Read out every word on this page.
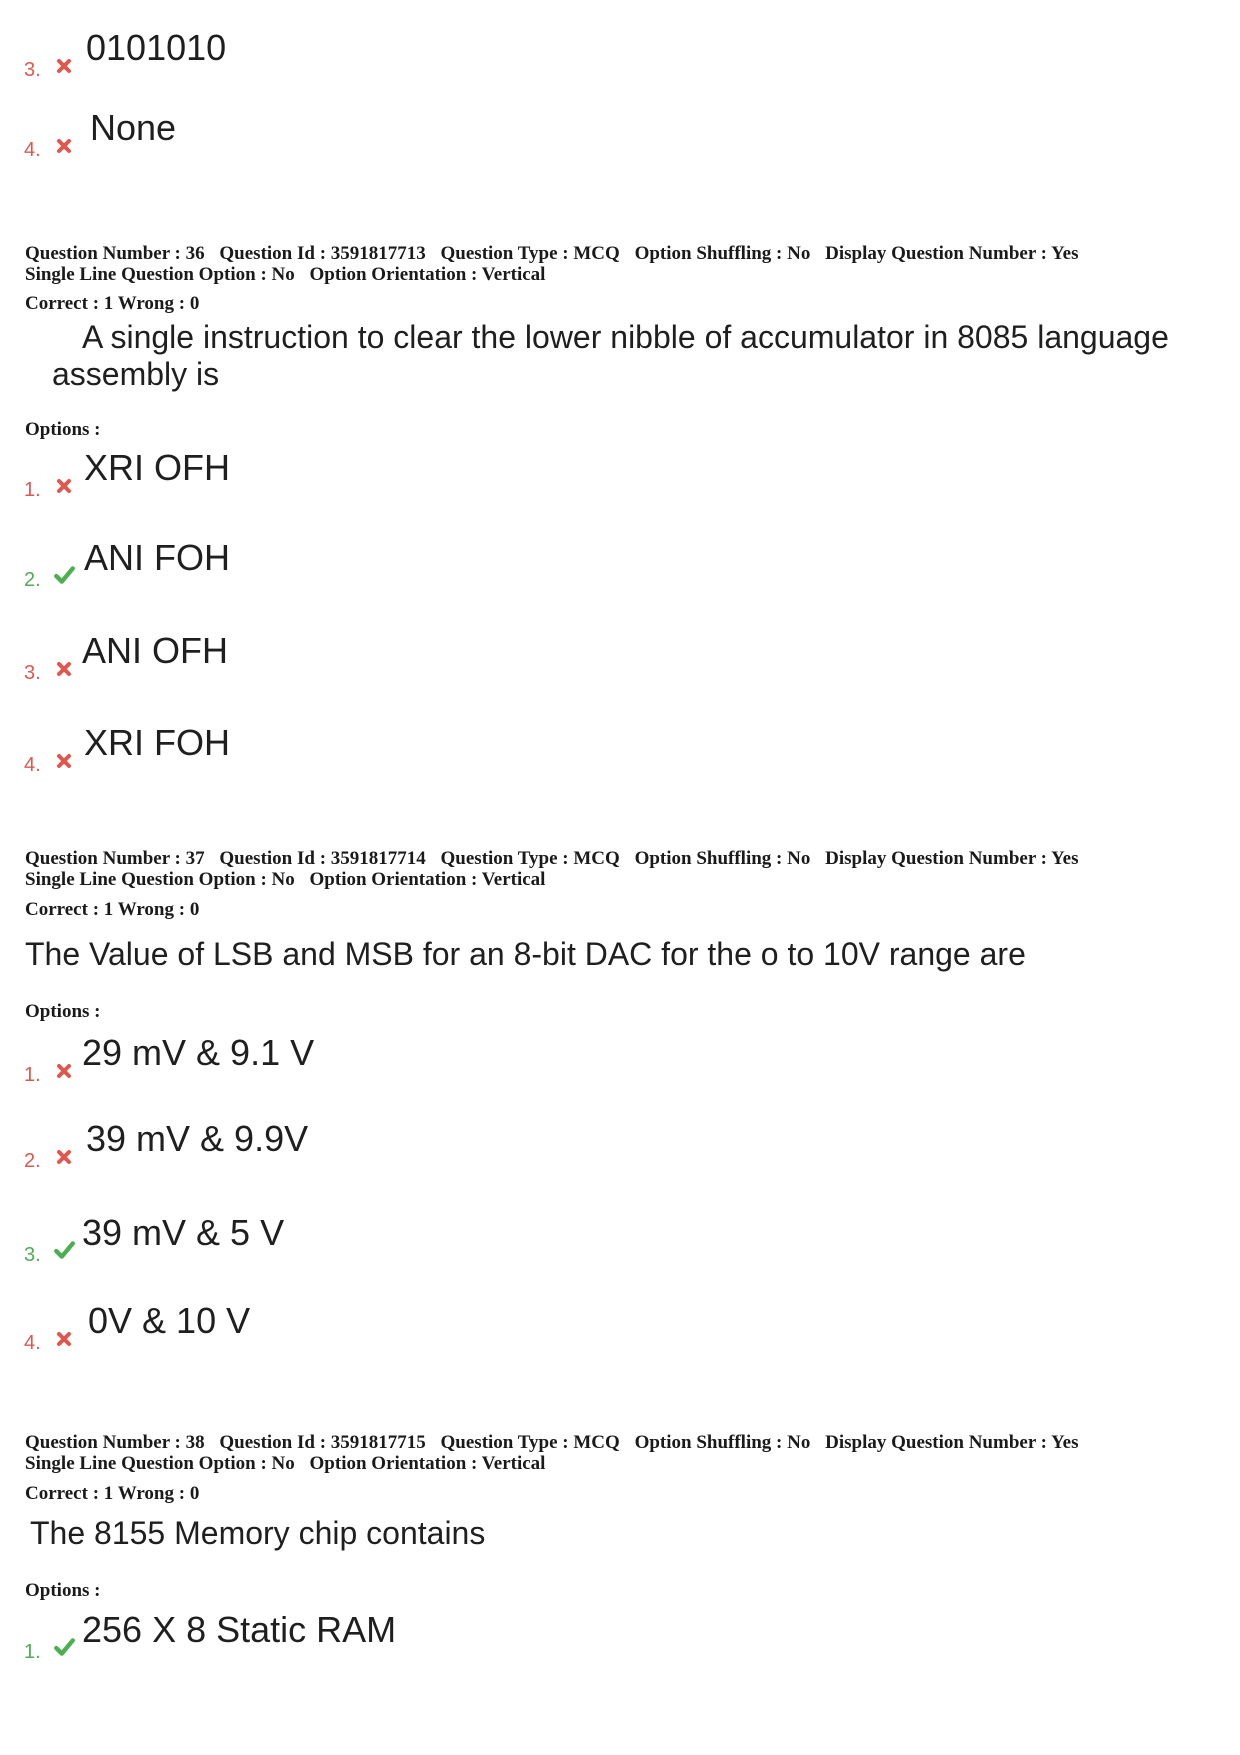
3.
0101010
4.
None
Question Number : 36 Question Id : 3591817713 Question Type : MCQ Option Shuffling : No Display Question Number : Yes
Single Line Question Option : No Option Orientation : Vertical
Correct : 1 Wrong : 0
A single instruction to clear the lower nibble of accumulator in 8085 language
assembly is
Options :
1.
XRI OFH
2.
ANI FOH
3.
ANI OFH
4.
XRI FOH
Question Number : 37 Question Id : 3591817714 Question Type : MCQ Option Shuffling : No Display Question Number : Yes
Single Line Question Option : No Option Orientation : Vertical
Correct : 1 Wrong : 0
The Value of LSB and MSB for an 8-bit DAC for the o to 10V range are
Options :
1.
29 mV & 9.1 V
2.
39 mV & 9.9V
3.
39 mV & 5 V
4.
0V & 10 V
Question Number : 38 Question Id : 3591817715 Question Type : MCQ Option Shuffling : No Display Question Number : Yes
Single Line Question Option : No Option Orientation : Vertical
Correct : 1 Wrong : 0
The 8155 Memory chip contains
Options :
1.
256 X 8 Static RAM
